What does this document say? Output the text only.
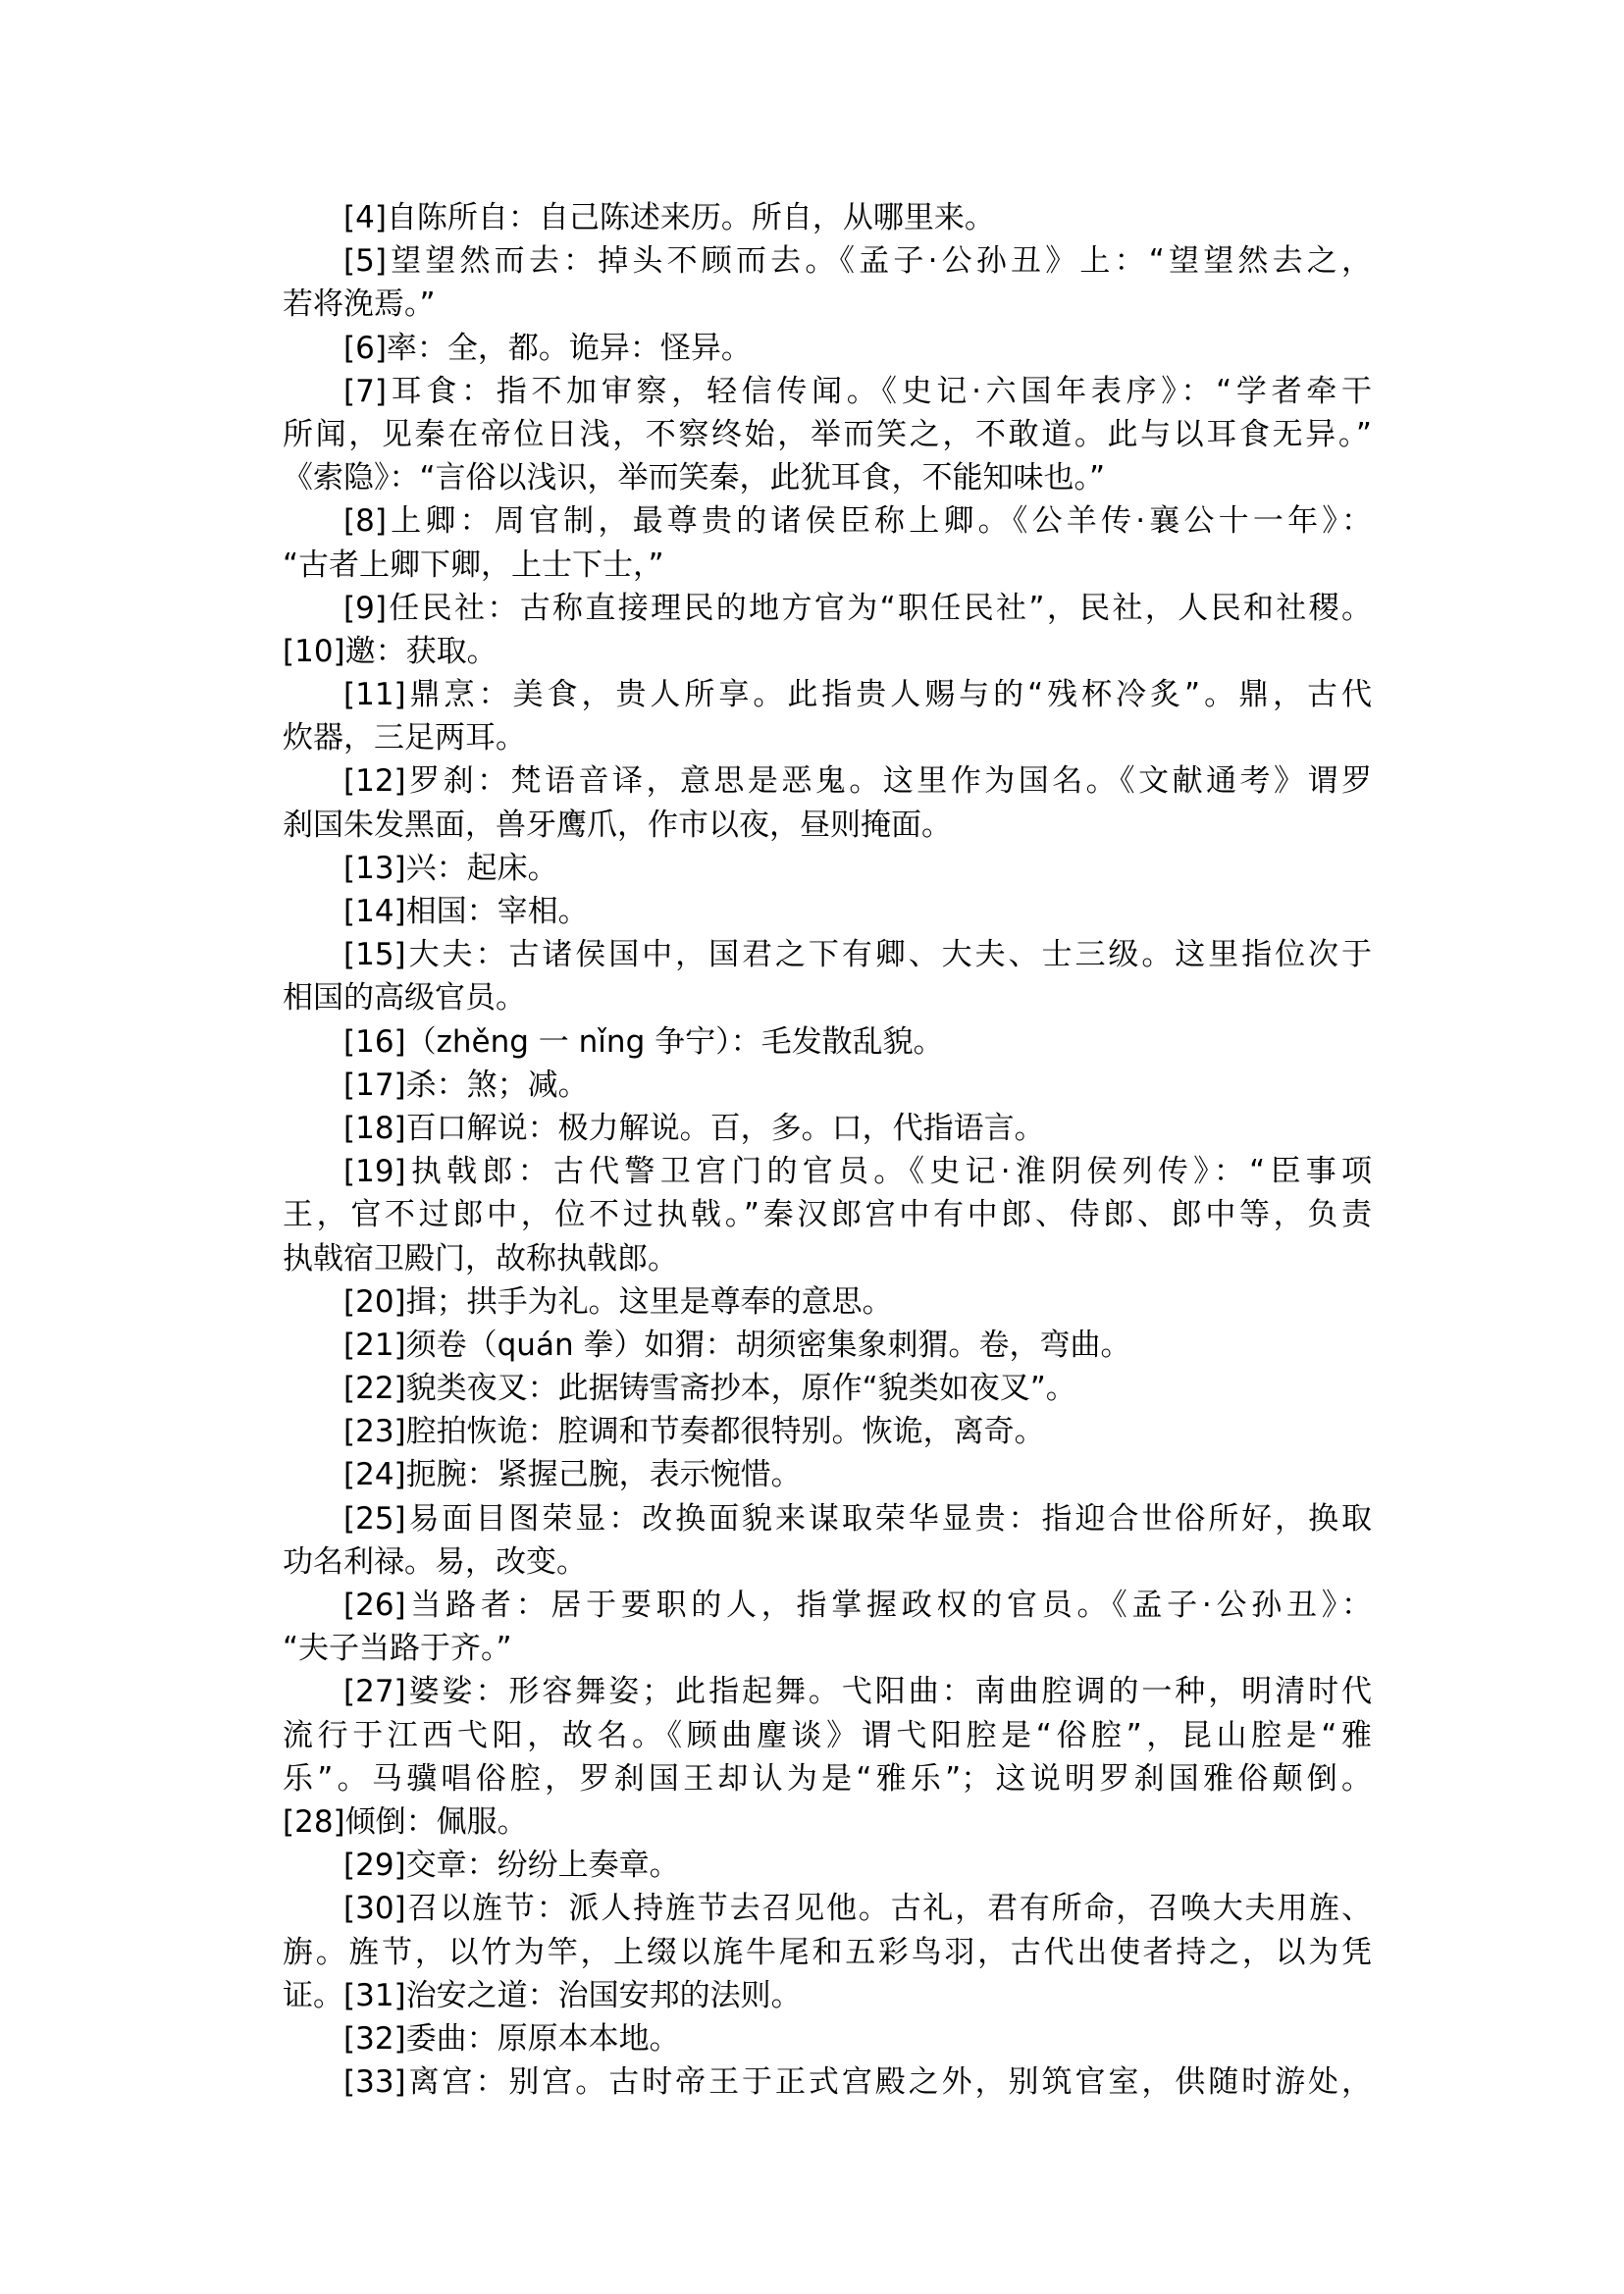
[4]自陈所自：自己陈述来历。所自，从哪里来。
[5]望望然而去：掉头不顾而去。《孟子·公孙丑》上：“望望然去之，
若将浼焉。”
[6]率：全，都。诡异：怪异。
[7]耳食：指不加审察，轻信传闻。《史记·六国年表序》：“学者牵干
所闻，见秦在帝位日浅，不察终始，举而笑之，不敢道。此与以耳食无异。”
《索隐》：“言俗以浅识，举而笑秦，此犹耳食，不能知味也。”
[8]上卿：周官制，最尊贵的诸侯臣称上卿。《公羊传·襄公十一年》：
“古者上卿下卿，上士下士，”
[9]任民社：古称直接理民的地方官为“职任民社”，民社，人民和社稷。
[10]邀：获取。
[11]鼎烹：美食，贵人所享。此指贵人赐与的“残杯冷炙”。鼎，古代
炊器，三足两耳。
[12]罗刹：梵语音译，意思是恶鬼。这里作为国名。《文献通考》谓罗
刹国朱发黑面，兽牙鹰爪，作市以夜，昼则掩面。
[13]兴：起床。
[14]相国：宰相。
[15]大夫：古诸侯国中，国君之下有卿、大夫、士三级。这里指位次于
相国的高级官员。
[16]（zhěng 一 nǐng 争宁）：毛发散乱貌。
[17]杀：煞；减。
[18]百口解说：极力解说。百，多。口，代指语言。
[19]执戟郎：古代警卫宫门的官员。《史记·淮阴侯列传》：“臣事项
王，官不过郎中，位不过执戟。”秦汉郎宫中有中郎、侍郎、郎中等，负责
执戟宿卫殿门，故称执戟郎。
[20]揖；拱手为礼。这里是尊奉的意思。
[21]须卷（quán 拳）如猬：胡须密集象刺猬。卷，弯曲。
[22]貌类夜叉：此据铸雪斋抄本，原作“貌类如夜叉”。
[23]腔拍恢诡：腔调和节奏都很特别。恢诡，离奇。
[24]扼腕：紧握己腕，表示惋惜。
[25]易面目图荣显：改换面貌来谋取荣华显贵：指迎合世俗所好，换取
功名利禄。易，改变。
[26]当路者：居于要职的人，指掌握政权的官员。《孟子·公孙丑》：
“夫子当路于齐。”
[27]婆娑：形容舞姿；此指起舞。弋阳曲：南曲腔调的一种，明清时代
流行于江西弋阳，故名。《顾曲麈谈》谓弋阳腔是“俗腔”，昆山腔是“雅
乐”。马骥唱俗腔，罗刹国王却认为是“雅乐”；这说明罗刹国雅俗颠倒。
[28]倾倒：佩服。
[29]交章：纷纷上奏章。
[30]召以旌节：派人持旌节去召见他。古礼，君有所命，召唤大夫用旌、
旃。旌节，以竹为竿，上缀以旄牛尾和五彩鸟羽，古代出使者持之，以为凭
证。[31]治安之道：治国安邦的法则。
[32]委曲：原原本本地。
[33]离宫：别宫。古时帝王于正式宫殿之外，别筑官室，供随时游处，
